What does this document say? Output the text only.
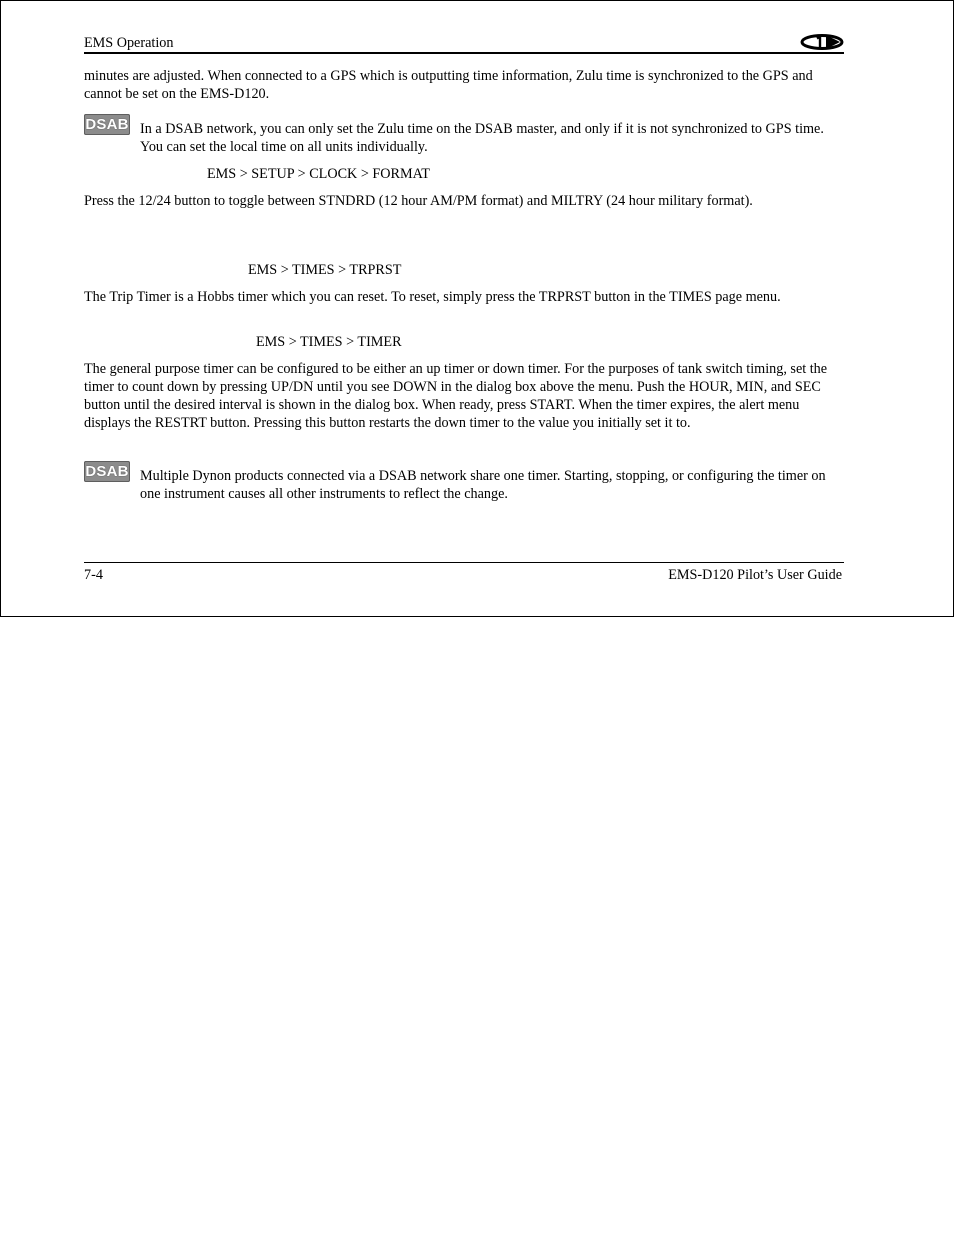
EMS Operation

minutes are adjusted. When connected to a GPS which is outputting time information, Zulu time is synchronized to the GPS and cannot be set on the EMS-D120.

DSAB In a DSAB network, you can only set the Zulu time on the DSAB master, and only if it is not synchronized to GPS time. You can set the local time on all units individually.

EMS > SETUP > CLOCK > FORMAT

Press the 12/24 button to toggle between STNDRD (12 hour AM/PM format) and MILTRY (24 hour military format).

EMS > TIMES > TRPRST

The Trip Timer is a Hobbs timer which you can reset. To reset, simply press the TRPRST button in the TIMES page menu.

EMS > TIMES > TIMER

The general purpose timer can be configured to be either an up timer or down timer. For the purposes of tank switch timing, set the timer to count down by pressing UP/DN until you see DOWN in the dialog box above the menu. Push the HOUR, MIN, and SEC button until the desired interval is shown in the dialog box. When ready, press START. When the timer expires, the alert menu displays the RESTRT button. Pressing this button restarts the down timer to the value you initially set it to.

DSAB Multiple Dynon products connected via a DSAB network share one timer. Starting, stopping, or configuring the timer on one instrument causes all other instruments to reflect the change.

7-4	EMS-D120 Pilot’s User Guide
